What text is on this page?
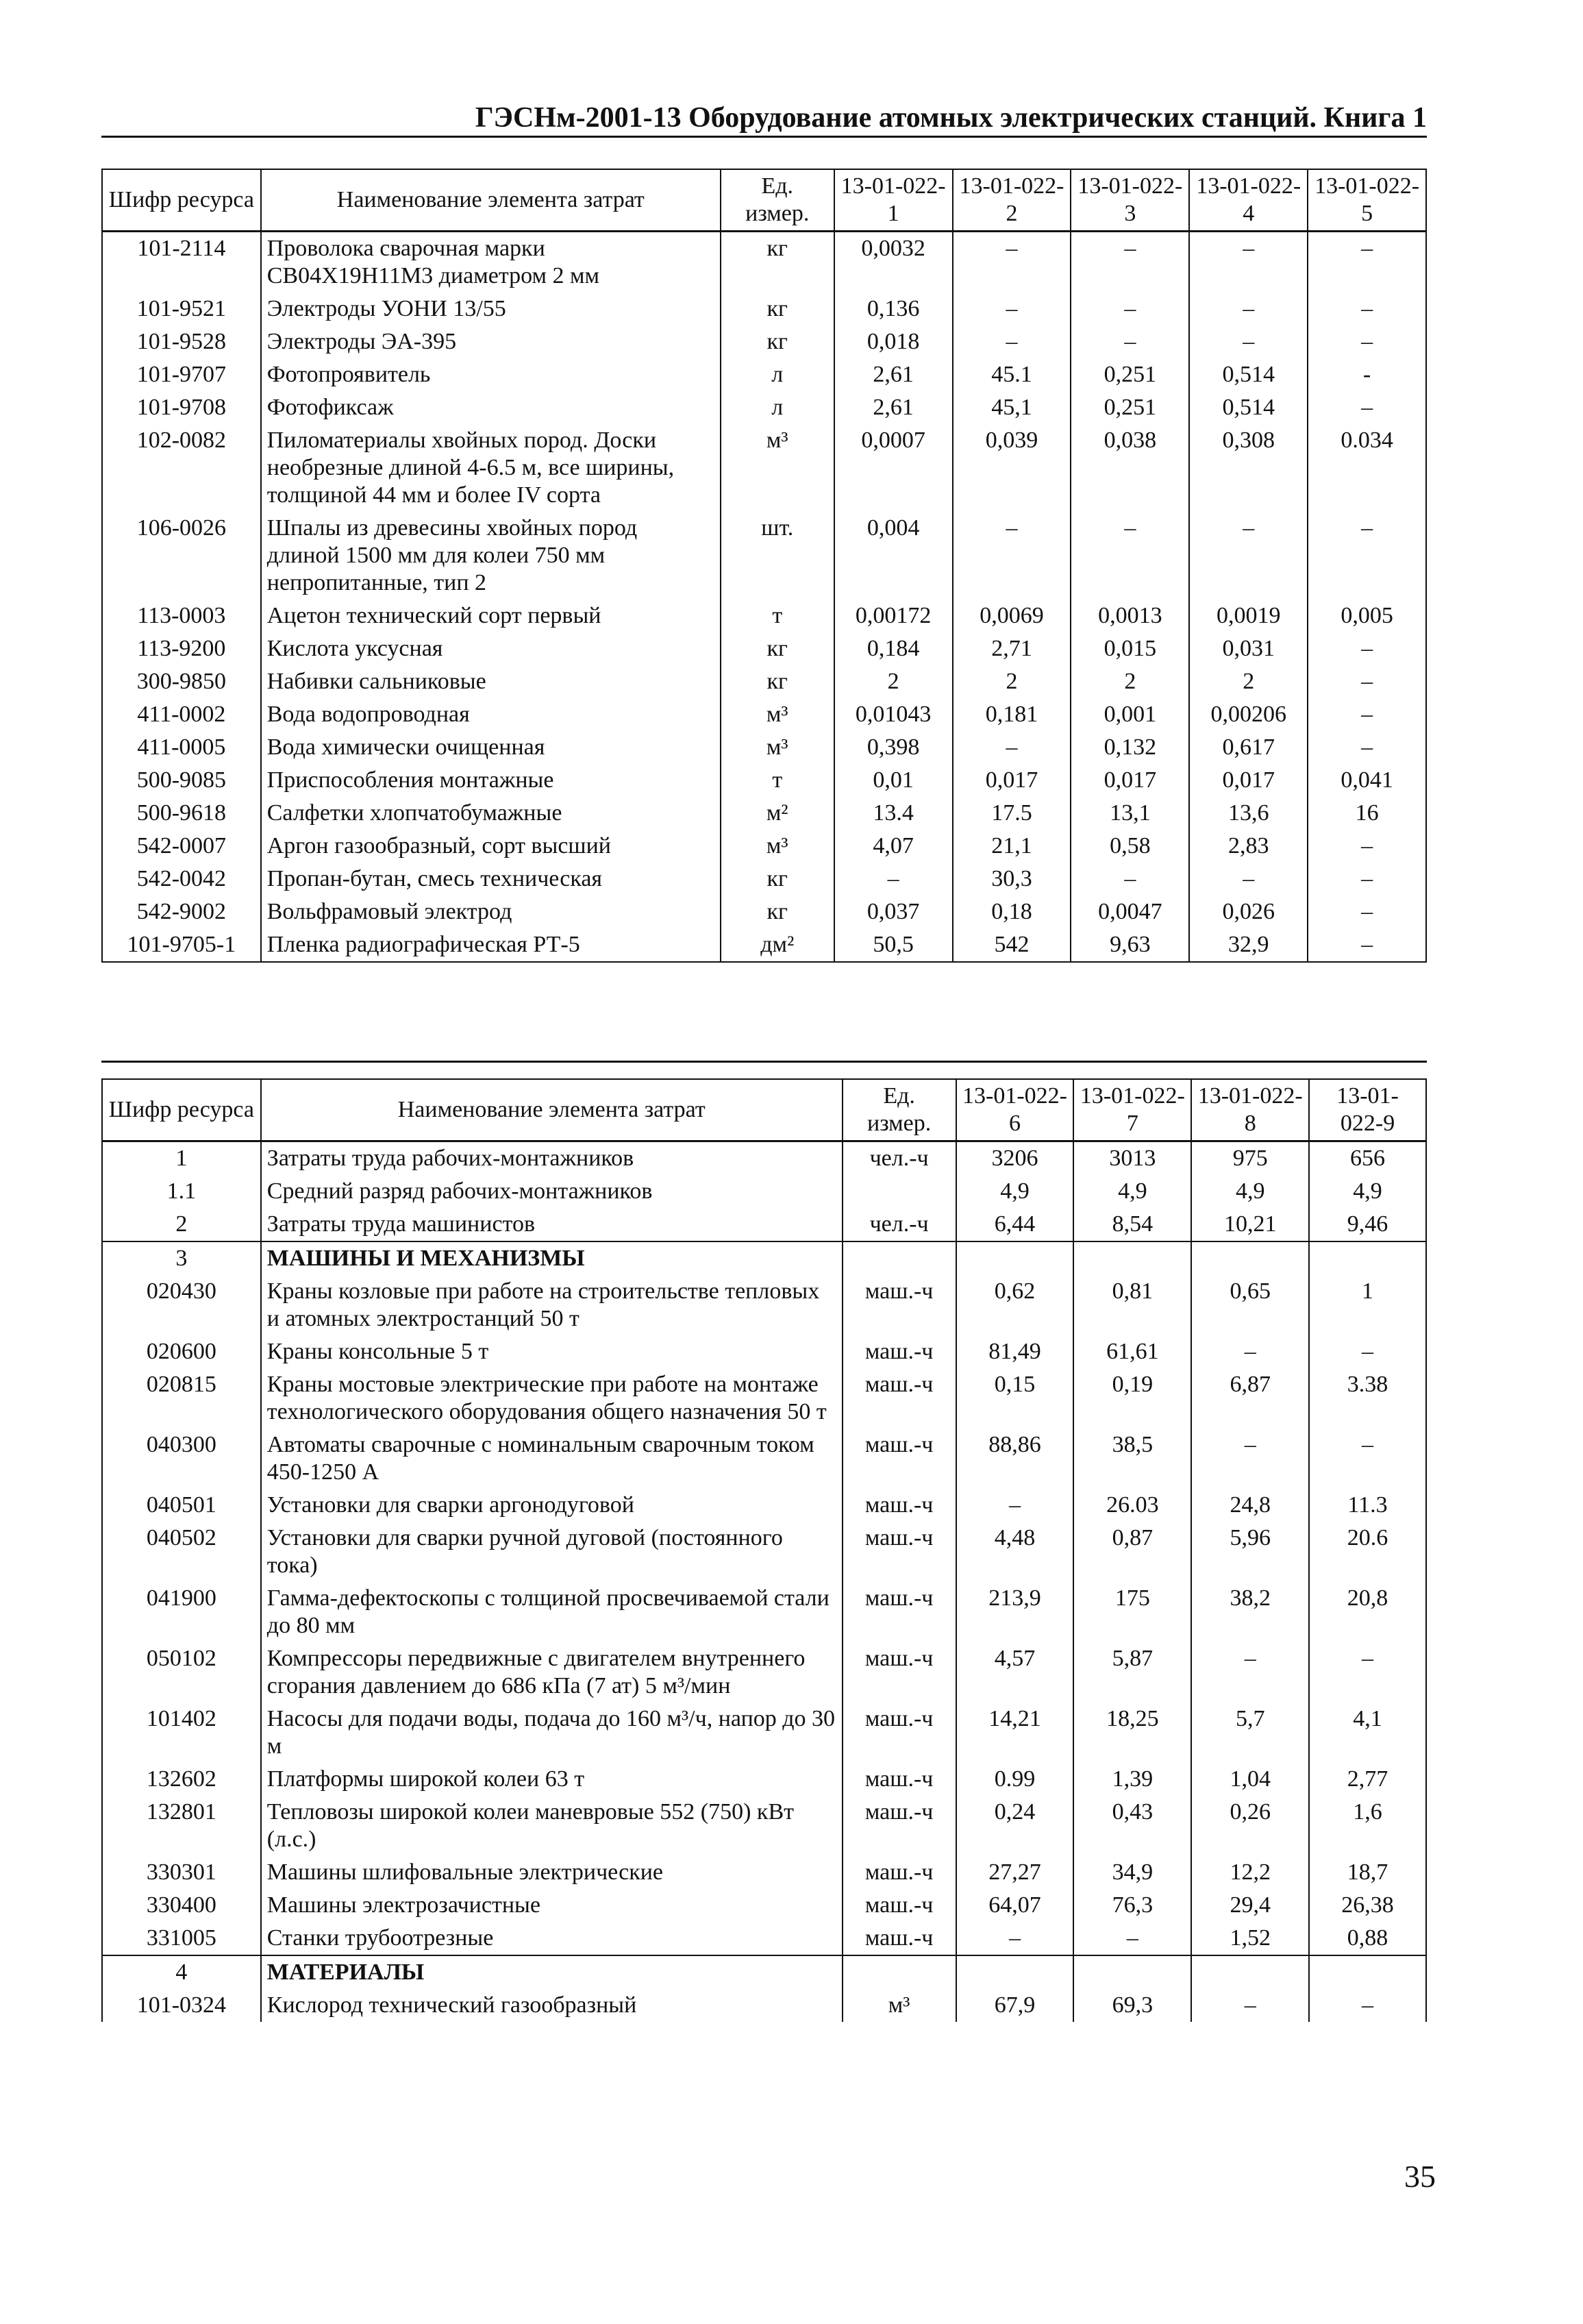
ГЭСНм-2001-13 Оборудование атомных электрических станций. Книга 1
Шифр ресурса	Наименование элемента затрат	Ед. измер.	13-01-022-1	13-01-022-2	13-01-022-3	13-01-022-4	13-01-022-5
101-2114	Проволока сварочная марки СВ04Х19Н11М3 диаметром 2 мм	кг	0,0032	–	–	–	–
101-9521	Электроды УОНИ 13/55	кг	0,136	–	–	–	–
101-9528	Электроды ЭА-395	кг	0,018	–	–	–	–
101-9707	Фотопроявитель	л	2,61	45.1	0,251	0,514	-
101-9708	Фотофиксаж	л	2,61	45,1	0,251	0,514	–
102-0082	Пиломатериалы хвойных пород. Доски необрезные длиной 4-6.5 м, все ширины, толщиной 44 мм и более IV сорта	м³	0,0007	0,039	0,038	0,308	0.034
106-0026	Шпалы из древесины хвойных пород длиной 1500 мм для колеи 750 мм непропитанные, тип 2	шт.	0,004	–	–	–	–
113-0003	Ацетон технический сорт первый	т	0,00172	0,0069	0,0013	0,0019	0,005
113-9200	Кислота уксусная	кг	0,184	2,71	0,015	0,031	–
300-9850	Набивки сальниковые	кг	2	2	2	2	–
411-0002	Вода водопроводная	м³	0,01043	0,181	0,001	0,00206	–
411-0005	Вода химически очищенная	м³	0,398	–	0,132	0,617	–
500-9085	Приспособления монтажные	т	0,01	0,017	0,017	0,017	0,041
500-9618	Салфетки хлопчатобумажные	м²	13.4	17.5	13,1	13,6	16
542-0007	Аргон газообразный, сорт высший	м³	4,07	21,1	0,58	2,83	–
542-0042	Пропан-бутан, смесь техническая	кг	–	30,3	–	–	–
542-9002	Вольфрамовый электрод	кг	0,037	0,18	0,0047	0,026	–
101-9705-1	Пленка радиографическая РТ-5	дм²	50,5	542	9,63	32,9	–
Шифр ресурса	Наименование элемента затрат	Ед. измер.	13-01-022-6	13-01-022-7	13-01-022-8	13-01-022-9
1	Затраты труда рабочих-монтажников	чел.-ч	3206	3013	975	656
1.1	Средний разряд рабочих-монтажников		4,9	4,9	4,9	4,9
2	Затраты труда машинистов	чел.-ч	6,44	8,54	10,21	9,46
3	МАШИНЫ И МЕХАНИЗМЫ					
020430	Краны козловые при работе на строительстве тепловых и атомных электростанций 50 т	маш.-ч	0,62	0,81	0,65	1
020600	Краны консольные 5 т	маш.-ч	81,49	61,61	–	–
020815	Краны мостовые электрические при работе на монтаже технологического оборудования общего назначения 50 т	маш.-ч	0,15	0,19	6,87	3.38
040300	Автоматы сварочные с номинальным сварочным током 450-1250 А	маш.-ч	88,86	38,5	–	–
040501	Установки для сварки аргонодуговой	маш.-ч	–	26.03	24,8	11.3
040502	Установки для сварки ручной дуговой (постоянного тока)	маш.-ч	4,48	0,87	5,96	20.6
041900	Гамма-дефектоскопы с толщиной просвечиваемой стали до 80 мм	маш.-ч	213,9	175	38,2	20,8
050102	Компрессоры передвижные с двигателем внутреннего сгорания давлением до 686 кПа (7 ат) 5 м³/мин	маш.-ч	4,57	5,87	–	–
101402	Насосы для подачи воды, подача до 160 м³/ч, напор до 30 м	маш.-ч	14,21	18,25	5,7	4,1
132602	Платформы широкой колеи 63 т	маш.-ч	0.99	1,39	1,04	2,77
132801	Тепловозы широкой колеи маневровые 552 (750) кВт (л.с.)	маш.-ч	0,24	0,43	0,26	1,6
330301	Машины шлифовальные электрические	маш.-ч	27,27	34,9	12,2	18,7
330400	Машины электрозачистные	маш.-ч	64,07	76,3	29,4	26,38
331005	Станки трубоотрезные	маш.-ч	–	–	1,52	0,88
4	МАТЕРИАЛЫ					
101-0324	Кислород технический газообразный	м³	67,9	69,3	–	–
35
